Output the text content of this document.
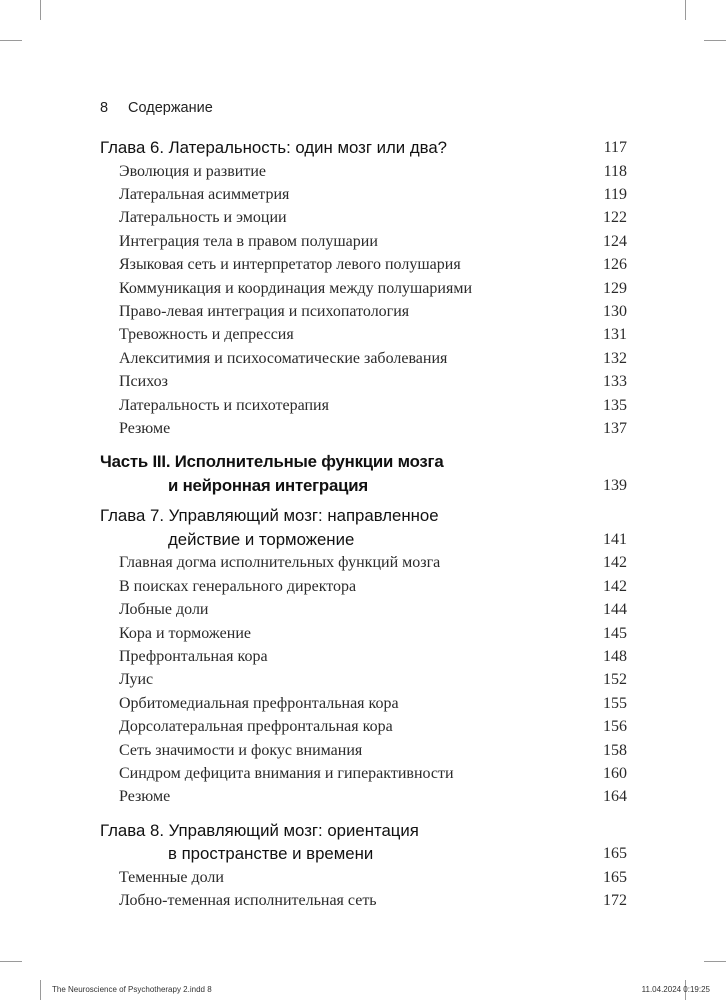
8 Содержание
Глава 6. Латеральность: один мозг или два?	117
Эволюция и развитие	118
Латеральная асимметрия	119
Латеральность и эмоции	122
Интеграция тела в правом полушарии	124
Языковая сеть и интерпретатор левого полушария	126
Коммуникация и координация между полушариями	129
Право-левая интеграция и психопатология	130
Тревожность и депрессия	131
Алекситимия и психосоматические заболевания	132
Психоз	133
Латеральность и психотерапия	135
Резюме	137
Часть III. Исполнительные функции мозга
и нейронная интеграция	139
Глава 7. Управляющий мозг: направленное
действие и торможение	141
Главная догма исполнительных функций мозга	142
В поисках генерального директора	142
Лобные доли	144
Кора и торможение	145
Префронтальная кора	148
Луис	152
Орбитомедиальная префронтальная кора	155
Дорсолатеральная префронтальная кора	156
Сеть значимости и фокус внимания	158
Синдром дефицита внимания и гиперактивности	160
Резюме	164
Глава 8. Управляющий мозг: ориентация
в пространстве и времени	165
Теменные доли	165
Лобно-теменная исполнительная сеть	172
The Neuroscience of Psychotherapy 2.indd 8	11.04.2024 0:19:25
